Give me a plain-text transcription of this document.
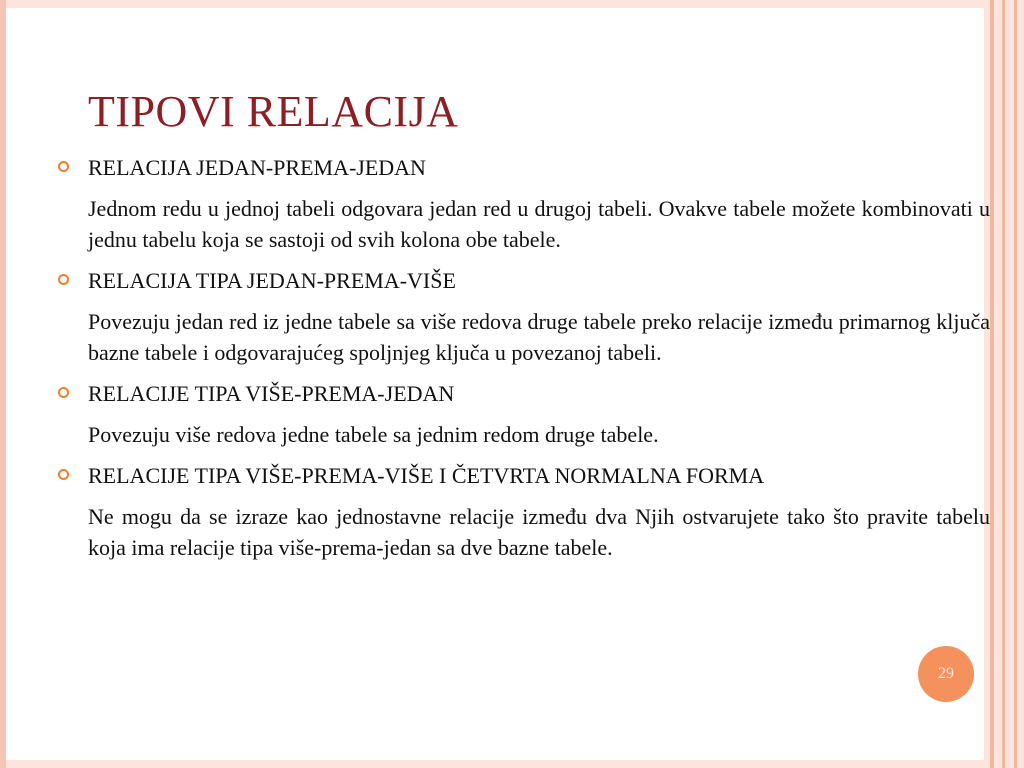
TIPOVI RELACIJA
RELACIJA JEDAN-PREMA-JEDAN
Jednom redu u jednoj tabeli odgovara jedan red u drugoj tabeli. Ovakve tabele možete kombinovati u jednu tabelu koja se sastoji od svih kolona obe tabele.
RELACIJA TIPA JEDAN-PREMA-VIŠE
Povezuju jedan red iz jedne tabele sa više redova druge tabele preko relacije između primarnog ključa bazne tabele i odgovarajućeg spoljnjeg ključa u povezanoj tabeli.
RELACIJE TIPA VIŠE-PREMA-JEDAN
Povezuju više redova jedne tabele sa jednim redom druge tabele.
RELACIJE TIPA VIŠE-PREMA-VIŠE I ČETVRTA NORMALNA FORMA
Ne mogu da se izraze kao jednostavne relacije između dva Njih ostvarujete tako što pravite tabelu koja ima relacije tipa više-prema-jedan sa dve bazne tabele.
29
